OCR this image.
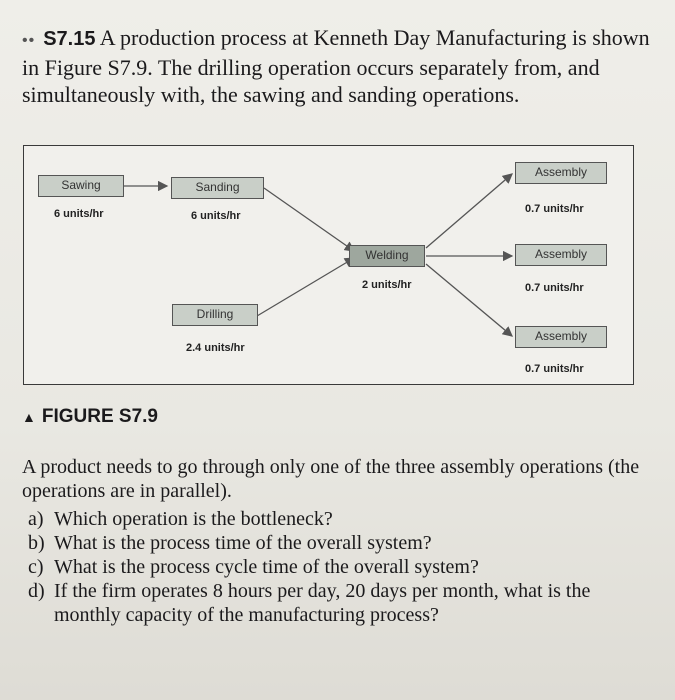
•• S7.15 A production process at Kenneth Day Manufacturing is shown in Figure S7.9. The drilling operation occurs separately from, and simultaneously with, the sawing and sanding operations.
Sawing
6 units/hr
Sanding
6 units/hr
Drilling
2.4 units/hr
Welding
2 units/hr
Assembly
0.7 units/hr
Assembly
0.7 units/hr
Assembly
0.7 units/hr
▲ FIGURE S7.9
A product needs to go through only one of the three assembly operations (the operations are in parallel).
a) Which operation is the bottleneck?
b) What is the process time of the overall system?
c) What is the process cycle time of the overall system?
d) If the firm operates 8 hours per day, 20 days per month, what is the monthly capacity of the manufacturing process?
